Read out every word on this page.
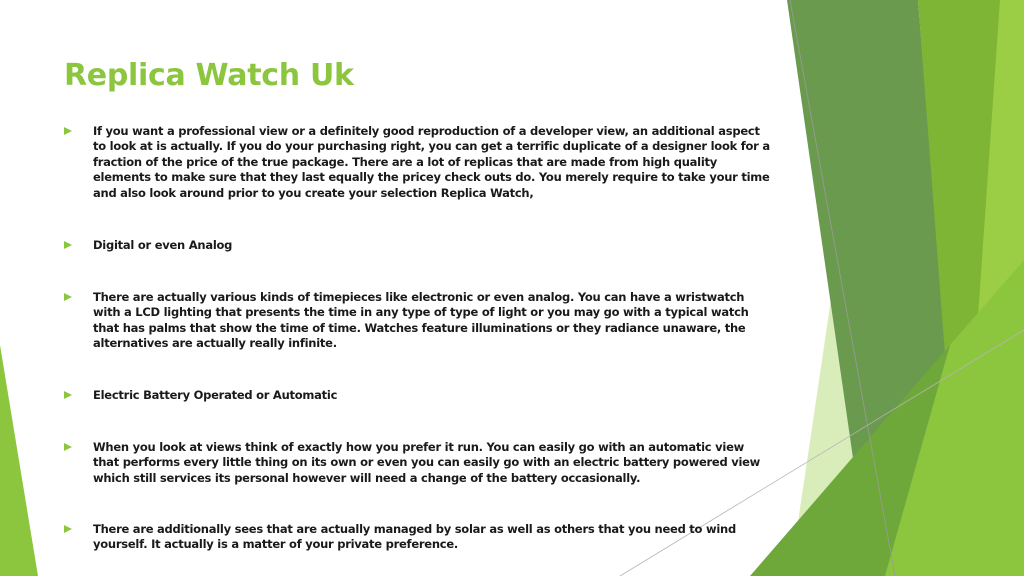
Replica Watch Uk
If you want a professional view or a definitely good reproduction of a developer view, an additional aspect to look at is actually. If you do your purchasing right, you can get a terrific duplicate of a designer look for a fraction of the price of the true package. There are a lot of replicas that are made from high quality elements to make sure that they last equally the pricey check outs do. You merely require to take your time and also look around prior to you create your selection Replica Watch,
Digital or even Analog
There are actually various kinds of timepieces like electronic or even analog. You can have a wristwatch with a LCD lighting that presents the time in any type of type of light or you may go with a typical watch that has palms that show the time of time. Watches feature illuminations or they radiance unaware, the alternatives are actually really infinite.
Electric Battery Operated or Automatic
When you look at views think of exactly how you prefer it run. You can easily go with an automatic view that performs every little thing on its own or even you can easily go with an electric battery powered view which still services its personal however will need a change of the battery occasionally.
There are additionally sees that are actually managed by solar as well as others that you need to wind yourself. It actually is a matter of your private preference.
